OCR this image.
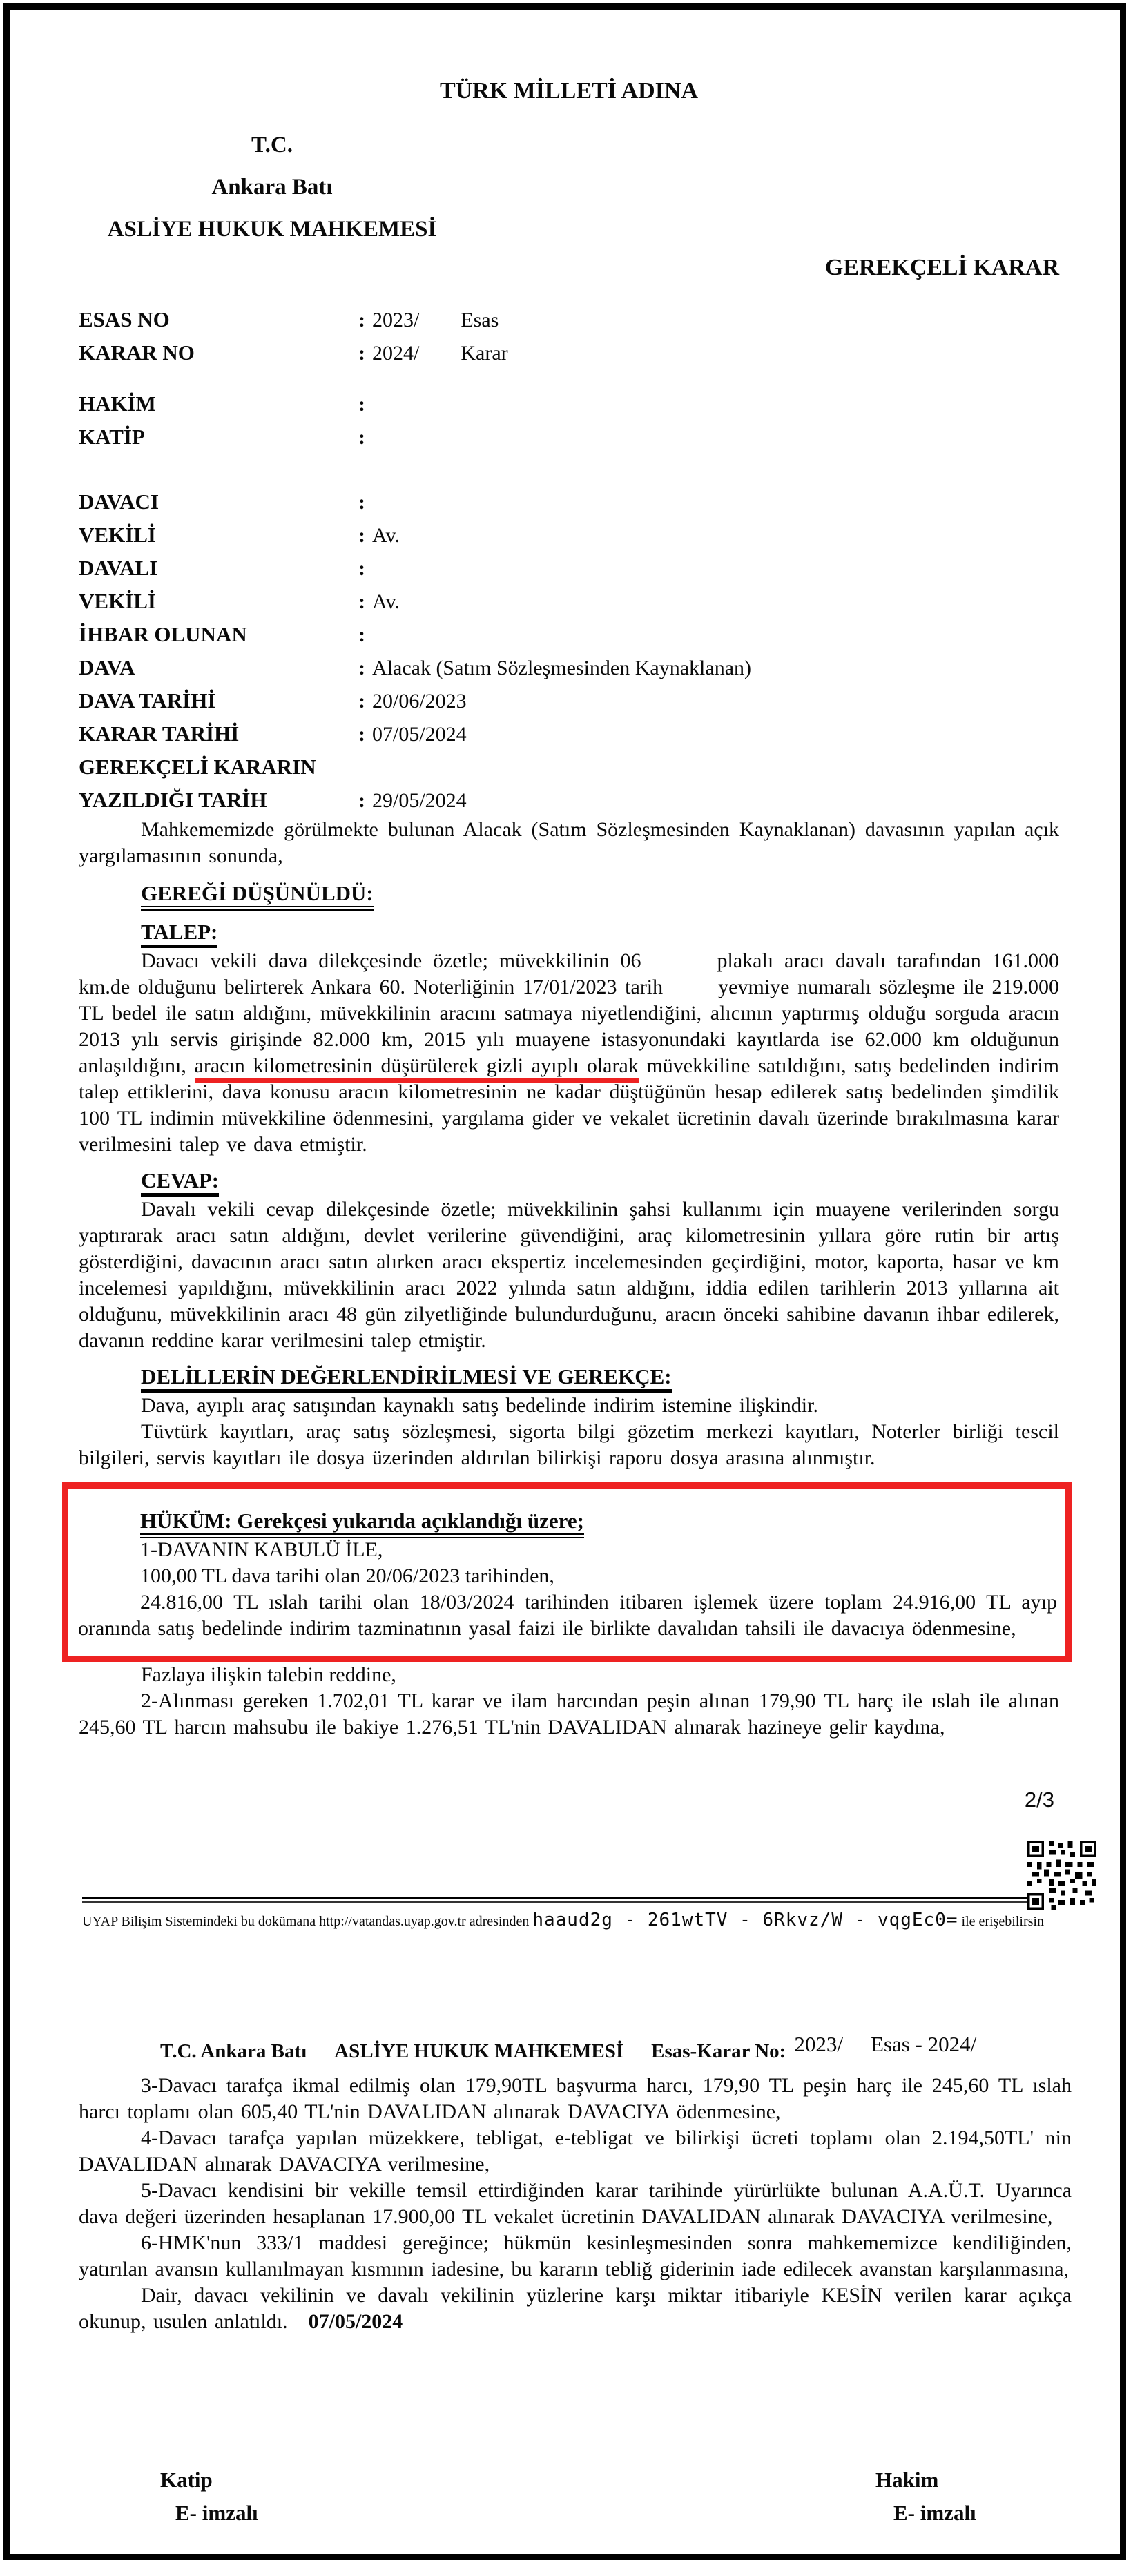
TÜRK MİLLETİ ADINA
T.C.
Ankara Batı
ASLİYE HUKUK MAHKEMESİ
GEREKÇELİ KARAR
ESAS NO	: 2023/ Esas
KARAR NO	: 2024/ Karar
HAKİM	:
KATİP	:
DAVACI	:
VEKİLİ	: Av.
DAVALI	:
VEKİLİ	: Av.
İHBAR OLUNAN	:
DAVA	: Alacak (Satım Sözleşmesinden Kaynaklanan)
DAVA TARİHİ	: 20/06/2023
KARAR TARİHİ	: 07/05/2024
GEREKÇELİ KARARIN
YAZILDIĞI TARİH	: 29/05/2024

Mahkememizde görülmekte bulunan Alacak (Satım Sözleşmesinden Kaynaklanan) davasının yapılan açık yargılamasının sonunda,

GEREĞİ DÜŞÜNÜLDÜ:
TALEP:

Davacı vekili dava dilekçesinde özetle; müvekkilinin 06	plakalı aracı davalı tarafından 161.000 km.de olduğunu belirterek Ankara 60. Noterliğinin 17/01/2023 tarih	yevmiye numaralı sözleşme ile 219.000 TL bedel ile satın aldığını, müvekkilinin aracını satmaya niyetlendiğini, alıcının yaptırmış olduğu sorguda aracın 2013 yılı servis girişinde 82.000 km, 2015 yılı muayene istasyonundaki kayıtlarda ise 62.000 km olduğunun anlaşıldığını, aracın kilometresinin düşürülerek gizli ayıplı olarak müvekkiline satıldığını, satış bedelinden indirim talep ettiklerini, dava konusu aracın kilometresinin ne kadar düştüğünün hesap edilerek satış bedelinden şimdilik 100 TL indimin müvekkiline ödenmesini, yargılama gider ve vekalet ücretinin davalı üzerinde bırakılmasına karar verilmesini talep ve dava etmiştir.

CEVAP:

Davalı vekili cevap dilekçesinde özetle; müvekkilinin şahsi kullanımı için muayene verilerinden sorgu yaptırarak aracı satın aldığını, devlet verilerine güvendiğini, araç kilometresinin yıllara göre rutin bir artış gösterdiğini, davacının aracı satın alırken aracı ekspertiz incelemesinden geçirdiğini, motor, kaporta, hasar ve km incelemesi yapıldığını, müvekkilinin aracı 2022 yılında satın aldığını, iddia edilen tarihlerin 2013 yıllarına ait olduğunu, müvekkilinin aracı 48 gün zilyetliğinde bulundurduğunu, aracın önceki sahibine davanın ihbar edilerek, davanın reddine karar verilmesini talep etmiştir.

DELİLLERİN DEĞERLENDİRİLMESİ VE GEREKÇE:

Dava, ayıplı araç satışından kaynaklı satış bedelinde indirim istemine ilişkindir.

Tüvtürk kayıtları, araç satış sözleşmesi, sigorta bilgi gözetim merkezi kayıtları, Noterler birliği tescil bilgileri, servis kayıtları ile dosya üzerinden aldırılan bilirkişi raporu dosya arasına alınmıştır.

HÜKÜM: Gerekçesi yukarıda açıklandığı üzere;

1-DAVANIN KABULÜ İLE,

100,00 TL dava tarihi olan 20/06/2023 tarihinden,

24.816,00 TL ıslah tarihi olan 18/03/2024 tarihinden itibaren işlemek üzere toplam 24.916,00 TL ayıp oranında satış bedelinde indirim tazminatının yasal faizi ile birlikte davalıdan tahsili ile davacıya ödenmesine,

Fazlaya ilişkin talebin reddine,

2-Alınması gereken 1.702,01 TL karar ve ilam harcından peşin alınan 179,90 TL harç ile ıslah ile alınan 245,60 TL harcın mahsubu ile bakiye 1.276,51 TL'nin DAVALIDAN alınarak hazineye gelir kaydına,

2/3
UYAP Bilişim Sistemindeki bu dokümana http://vatandas.uyap.gov.tr adresinden haaud2g - 261wtTV - 6Rkvz/W - vqgEc0= ile erişebilirsin
T.C. Ankara Batı ASLİYE HUKUK MAHKEMESİ Esas-Karar No: 2023/ Esas - 2024/

3-Davacı tarafça ikmal edilmiş olan 179,90TL başvurma harcı, 179,90 TL peşin harç ile 245,60 TL ıslah harcı toplamı olan 605,40 TL'nin DAVALIDAN alınarak DAVACIYA ödenmesine,

4-Davacı tarafça yapılan müzekkere, tebligat, e-tebligat ve bilirkişi ücreti toplamı olan 2.194,50TL' nin DAVALIDAN alınarak DAVACIYA verilmesine,

5-Davacı kendisini bir vekille temsil ettirdiğinden karar tarihinde yürürlükte bulunan A.A.Ü.T. Uyarınca dava değeri üzerinden hesaplanan 17.900,00 TL vekalet ücretinin DAVALIDAN alınarak DAVACIYA verilmesine,

6-HMK'nun 333/1 maddesi gereğince; hükmün kesinleşmesinden sonra mahkememizce kendiliğinden, yatırılan avansın kullanılmayan kısmının iadesine, bu kararın tebliğ giderinin iade edilecek avanstan karşılanmasına,

Dair, davacı vekilinin ve davalı vekilinin yüzlerine karşı miktar itibariyle KESİN verilen karar açıkça okunup, usulen anlatıldı. 07/05/2024

Katip	Hakim
E- imzalı	E- imzalı
